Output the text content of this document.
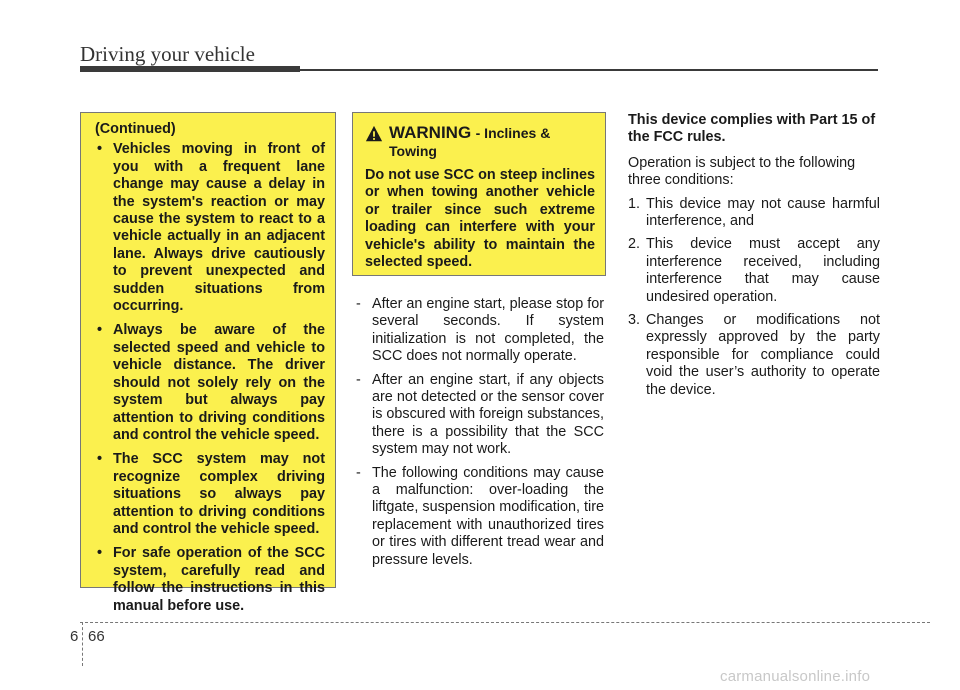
Driving your vehicle
(Continued)
• Vehicles moving in front of you with a frequent lane change may cause a delay in the system's reaction or may cause the system to react to a vehicle actually in an adjacent lane. Always drive cautiously to prevent unexpected and sudden situations from occurring.
• Always be aware of the selected speed and vehicle to vehicle distance. The driver should not solely rely on the system but always pay attention to driving conditions and control the vehicle speed.
• The SCC system may not recognize complex driving situations so always pay attention to driving conditions and control the vehicle speed.
• For safe operation of the SCC system, carefully read and follow the instructions in this manual before use.
WARNING - Inclines & Towing
Do not use SCC on steep inclines or when towing another vehicle or trailer since such extreme loading can interfere with your vehicle's ability to maintain the selected speed.
- After an engine start, please stop for several seconds. If system initialization is not completed, the SCC does not normally operate.
- After an engine start, if any objects are not detected or the sensor cover is obscured with foreign substances, there is a possibility that the SCC system may not work.
- The following conditions may cause a malfunction: over-loading the liftgate, suspension modification, tire replacement with unauthorized tires or tires with different tread wear and pressure levels.
This device complies with Part 15 of the FCC rules.
Operation is subject to the following three conditions:
1. This device may not cause harmful interference, and
2. This device must accept any interference received, including interference that may cause undesired operation.
3. Changes or modifications not expressly approved by the party responsible for compliance could void the user’s authority to operate the device.
6 66
carmanualsonline.info
